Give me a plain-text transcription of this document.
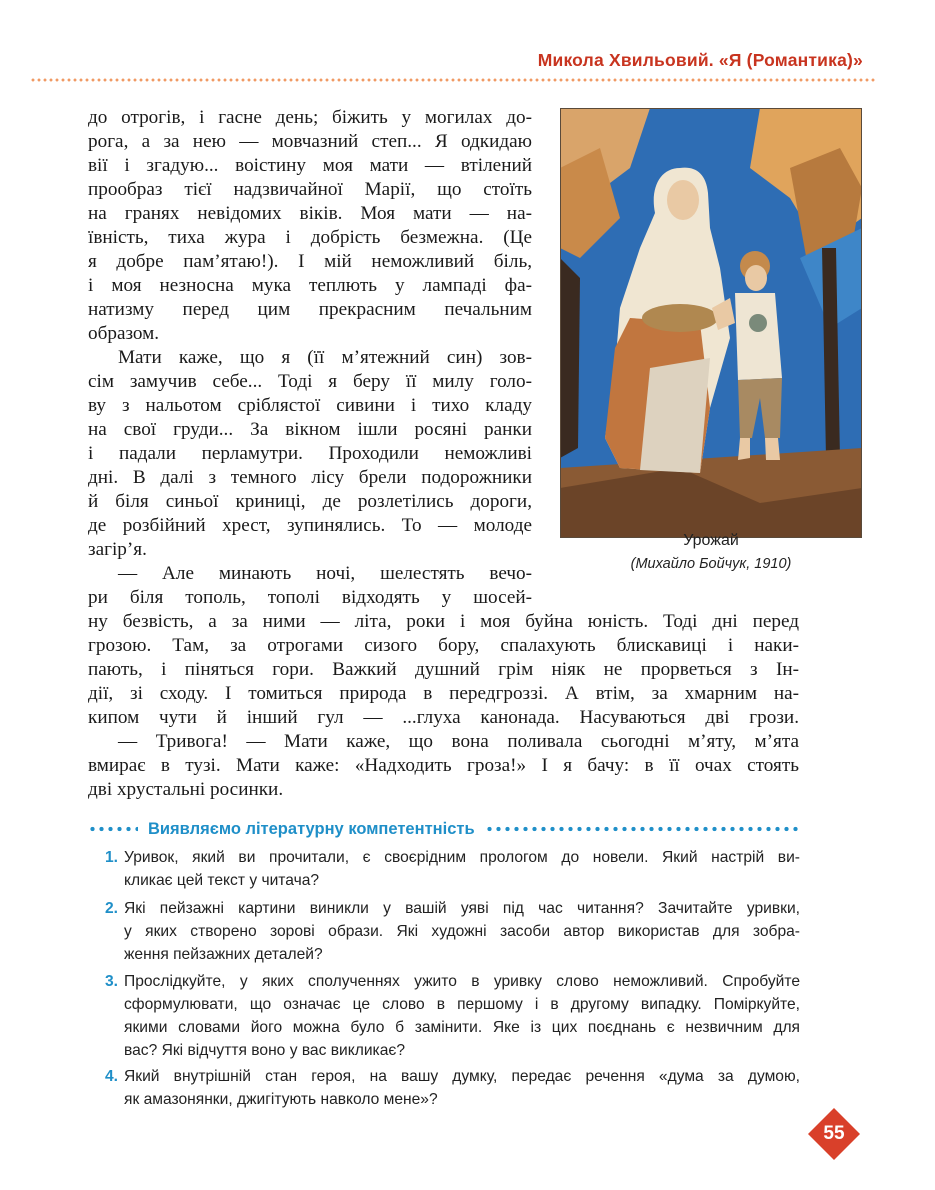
Микола Хвильовий. «Я (Романтика)»
до отрогів, і гасне день; біжить у могилах до-
рога, а за нею — мовчазний степ... Я одкидаю
вії і згадую... воістину моя мати — втілений
прообраз тієї надзвичайної Марії, що стоїть
на гранях невідомих віків. Моя мати — на-
ївність, тиха жура і добрість безмежна. (Це
я добре пам’ятаю!). І мій неможливий біль,
і моя незносна мука теплють у лампаді фа-
натизму перед цим прекрасним печальним
образом.
Мати каже, що я (її м’ятежний син) зов-
сім замучив себе... Тоді я беру її милу голо-
ву з нальотом сріблястої сивини і тихо кладу
на свої груди... За вікном ішли росяні ранки
і падали перламутри. Проходили неможливі
дні. В далі з темного лісу брели подорожники
й біля синьої криниці, де розлетілись дороги,
де розбійний хрест, зупинялись. То — молоде
загір’я.
— Але минають ночі, шелестять вечо-
ри біля тополь, тополі відходять у шосей-
ну безвість, а за ними — літа, роки і моя буйна юність. Тоді дні перед
грозою. Там, за отрогами сизого бору, спалахують блискавиці і наки-
пають, і піняться гори. Важкий душний грім ніяк не прорветься з Ін-
дії, зі сходу. І томиться природа в передгроззі. А втім, за хмарним на-
кипом чути й інший гул — ...глуха канонада. Насуваються дві грози.
— Тривога! — Мати каже, що вона поливала сьогодні м’яту, м’ята
вмирає в тузі. Мати каже: «Надходить гроза!» І я бачу: в її очах стоять
дві хрустальні росинки.
Урожай
(Михайло Бойчук, 1910)
Виявляємо літературну компетентність
1. Уривок, який ви прочитали, є своєрідним прологом до новели. Який настрій ви-
кликає цей текст у читача?
2. Які пейзажні картини виникли у вашій уяві під час читання? Зачитайте уривки,
у яких створено зорові образи. Які художні засоби автор використав для зобра-
ження пейзажних деталей?
3. Прослідкуйте, у яких сполученнях ужито в уривку слово неможливий. Спробуйте
сформулювати, що означає це слово в першому і в другому випадку. Поміркуйте,
якими словами його можна було б замінити. Яке із цих поєднань є незвичним для
вас? Які відчуття воно у вас викликає?
4. Який внутрішній стан героя, на вашу думку, передає речення «дума за думою,
як амазонянки, джигітують навколо мене»?
55
